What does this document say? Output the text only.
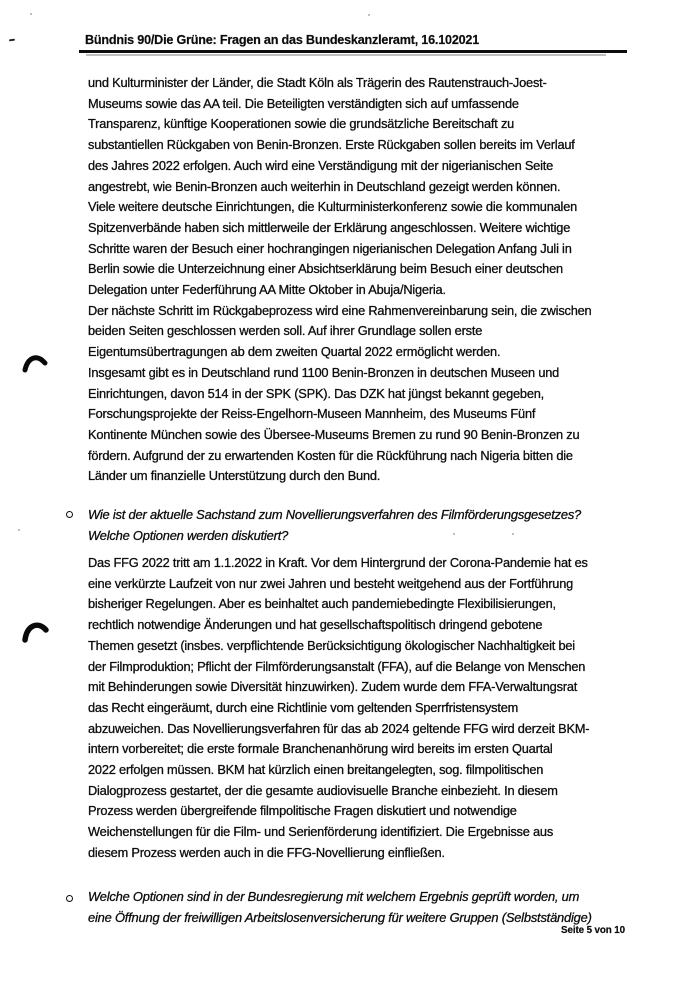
Bündnis 90/Die Grüne: Fragen an das Bundeskanzleramt, 16.102021
und Kulturminister der Länder, die Stadt Köln als Trägerin des Rautenstrauch-Joest-
Museums sowie das AA teil. Die Beteiligten verständigten sich auf umfassende
Transparenz, künftige Kooperationen sowie die grundsätzliche Bereitschaft zu
substantiellen Rückgaben von Benin-Bronzen. Erste Rückgaben sollen bereits im Verlauf
des Jahres 2022 erfolgen. Auch wird eine Verständigung mit der nigerianischen Seite
angestrebt, wie Benin-Bronzen auch weiterhin in Deutschland gezeigt werden können.
Viele weitere deutsche Einrichtungen, die Kulturministerkonferenz sowie die kommunalen
Spitzenverbände haben sich mittlerweile der Erklärung angeschlossen. Weitere wichtige
Schritte waren der Besuch einer hochrangingen nigerianischen Delegation Anfang Juli in
Berlin sowie die Unterzeichnung einer Absichtserklärung beim Besuch einer deutschen
Delegation unter Federführung AA Mitte Oktober in Abuja/Nigeria.
Der nächste Schritt im Rückgabeprozess wird eine Rahmenvereinbarung sein, die zwischen
beiden Seiten geschlossen werden soll. Auf ihrer Grundlage sollen erste
Eigentumsübertragungen ab dem zweiten Quartal 2022 ermöglicht werden.
Insgesamt gibt es in Deutschland rund 1100 Benin-Bronzen in deutschen Museen und
Einrichtungen, davon 514 in der SPK (SPK). Das DZK hat jüngst bekannt gegeben,
Forschungsprojekte der Reiss-Engelhorn-Museen Mannheim, des Museums Fünf
Kontinente München sowie des Übersee-Museums Bremen zu rund 90 Benin-Bronzen zu
fördern. Aufgrund der zu erwartenden Kosten für die Rückführung nach Nigeria bitten die
Länder um finanzielle Unterstützung durch den Bund.
Wie ist der aktuelle Sachstand zum Novellierungsverfahren des Filmförderungsgesetzes?
Welche Optionen werden diskutiert?
Das FFG 2022 tritt am 1.1.2022 in Kraft. Vor dem Hintergrund der Corona-Pandemie hat es
eine verkürzte Laufzeit von nur zwei Jahren und besteht weitgehend aus der Fortführung
bisheriger Regelungen. Aber es beinhaltet auch pandemiebedingte Flexibilisierungen,
rechtlich notwendige Änderungen und hat gesellschaftspolitisch dringend gebotene
Themen gesetzt (insbes. verpflichtende Berücksichtigung ökologischer Nachhaltigkeit bei
der Filmproduktion; Pflicht der Filmförderungsanstalt (FFA), auf die Belange von Menschen
mit Behinderungen sowie Diversität hinzuwirken). Zudem wurde dem FFA-Verwaltungsrat
das Recht eingeräumt, durch eine Richtlinie vom geltenden Sperrfristensystem
abzuweichen. Das Novellierungsverfahren für das ab 2024 geltende FFG wird derzeit BKM-
intern vorbereitet; die erste formale Branchenanhörung wird bereits im ersten Quartal
2022 erfolgen müssen. BKM hat kürzlich einen breitangelegten, sog. filmpolitischen
Dialogprozess gestartet, der die gesamte audiovisuelle Branche einbezieht. In diesem
Prozess werden übergreifende filmpolitische Fragen diskutiert und notwendige
Weichenstellungen für die Film- und Serienförderung identifiziert. Die Ergebnisse aus
diesem Prozess werden auch in die FFG-Novellierung einfließen.
Welche Optionen sind in der Bundesregierung mit welchem Ergebnis geprüft worden, um
eine Öffnung der freiwilligen Arbeitslosenversicherung für weitere Gruppen (Selbstständige)
Seite 5 von 10
